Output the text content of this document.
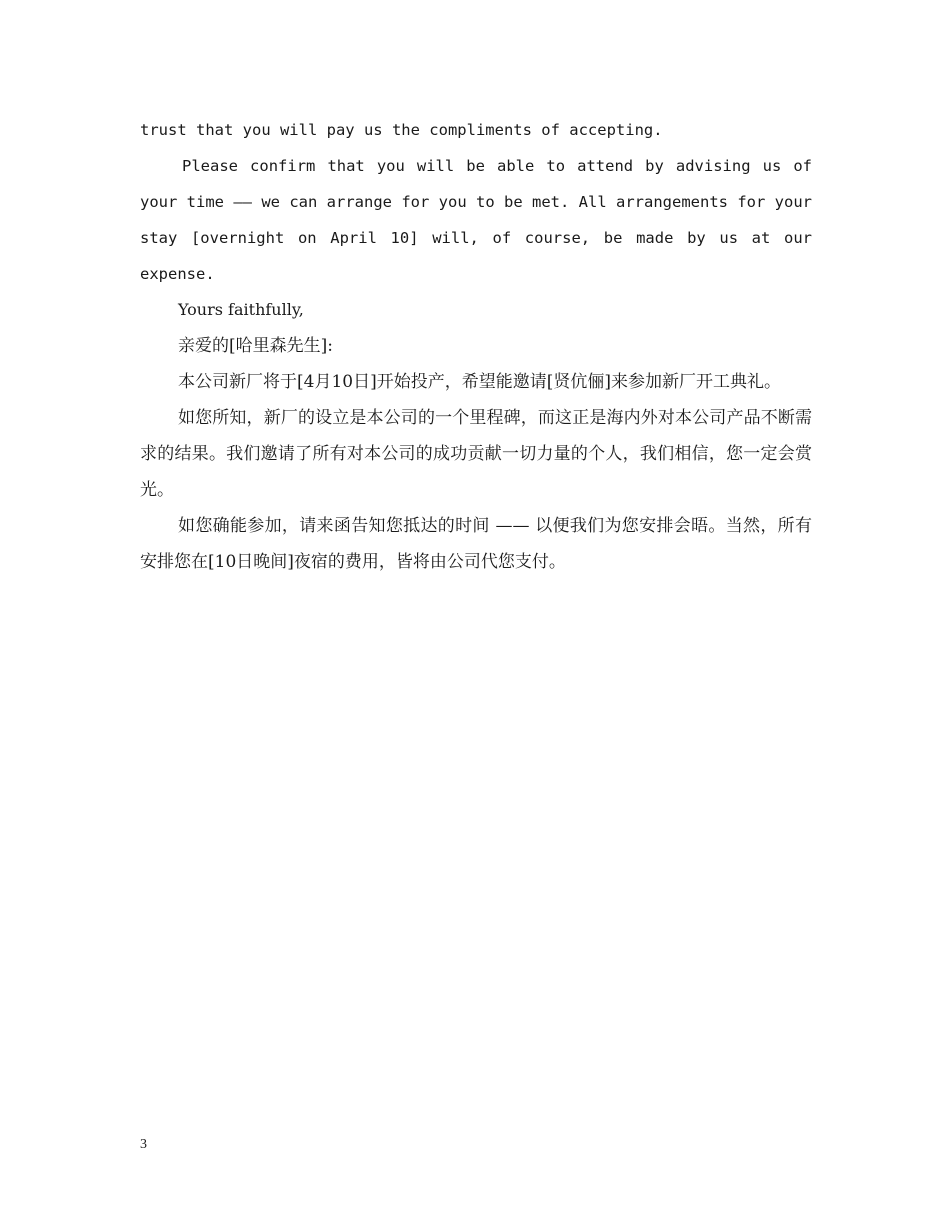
trust that you will pay us the compliments of accepting.

Please confirm that you will be able to attend by advising us of your time —— we can arrange for you to be met. All arrangements for your stay [overnight on April 10] will, of course, be made by us at our expense.

Yours faithfully,

亲爱的[哈里森先生]:

本公司新厂将于[4月10日]开始投产，希望能邀请[贤伉俪]来参加新厂开工典礼。

如您所知，新厂的设立是本公司的一个里程碑，而这正是海内外对本公司产品不断需求的结果。我们邀请了所有对本公司的成功贡献一切力量的个人，我们相信，您一定会赏光。

如您确能参加，请来函告知您抵达的时间 —— 以便我们为您安排会晤。当然，所有安排您在[10日晚间]夜宿的费用，皆将由公司代您支付。

3
